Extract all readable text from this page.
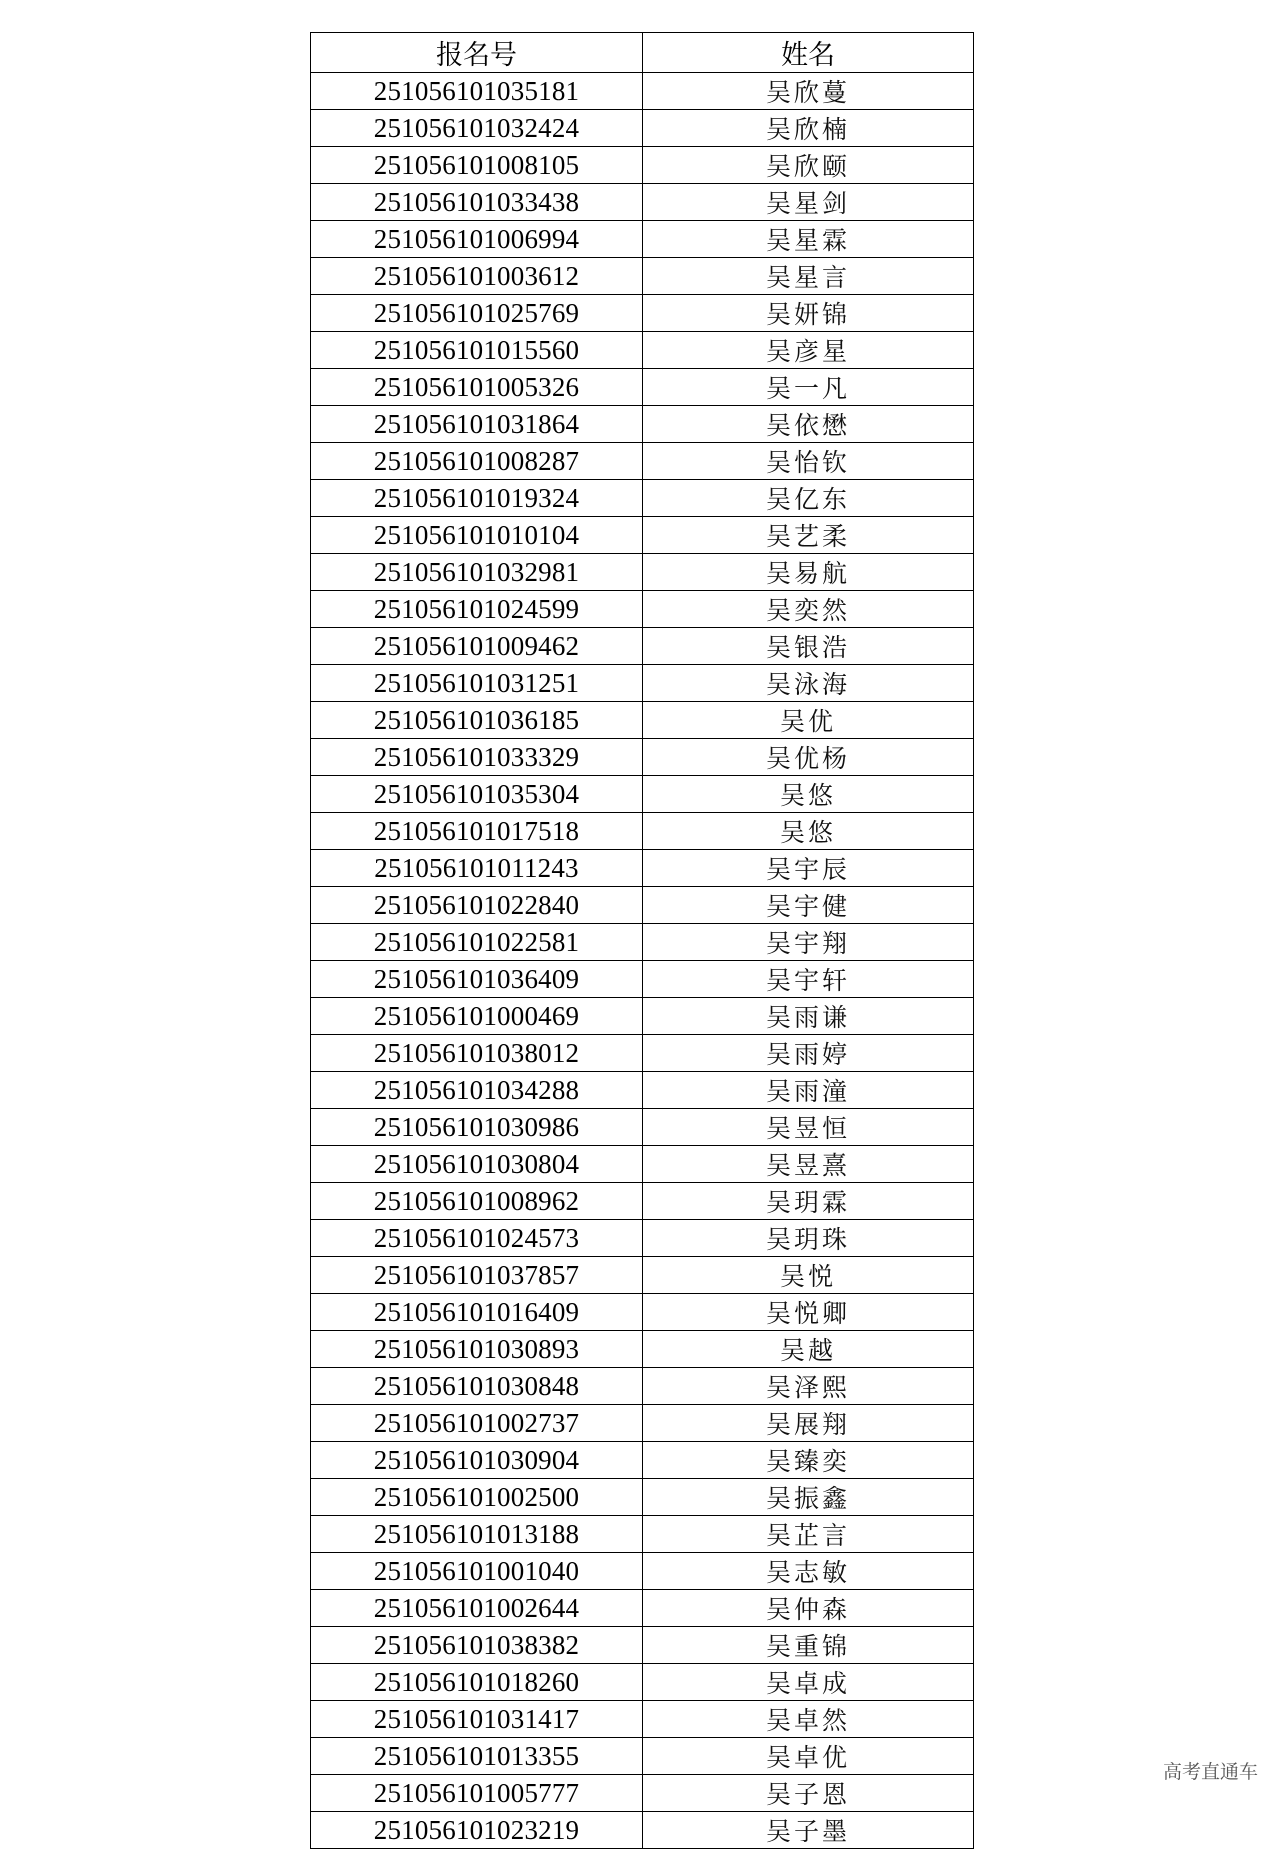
报名号	姓名
251056101035181	吴欣蔓
251056101032424	吴欣楠
251056101008105	吴欣颐
251056101033438	吴星剑
251056101006994	吴星霖
251056101003612	吴星言
251056101025769	吴妍锦
251056101015560	吴彦星
251056101005326	吴一凡
251056101031864	吴依懋
251056101008287	吴怡钦
251056101019324	吴亿东
251056101010104	吴艺柔
251056101032981	吴易航
251056101024599	吴奕然
251056101009462	吴银浩
251056101031251	吴泳海
251056101036185	吴优
251056101033329	吴优杨
251056101035304	吴悠
251056101017518	吴悠
251056101011243	吴宇辰
251056101022840	吴宇健
251056101022581	吴宇翔
251056101036409	吴宇轩
251056101000469	吴雨谦
251056101038012	吴雨婷
251056101034288	吴雨潼
251056101030986	吴昱恒
251056101030804	吴昱熹
251056101008962	吴玥霖
251056101024573	吴玥珠
251056101037857	吴悦
251056101016409	吴悦卿
251056101030893	吴越
251056101030848	吴泽熙
251056101002737	吴展翔
251056101030904	吴臻奕
251056101002500	吴振鑫
251056101013188	吴芷言
251056101001040	吴志敏
251056101002644	吴仲森
251056101038382	吴重锦
251056101018260	吴卓成
251056101031417	吴卓然
251056101013355	吴卓优
251056101005777	吴子恩
251056101023219	吴子墨
高考直通车
